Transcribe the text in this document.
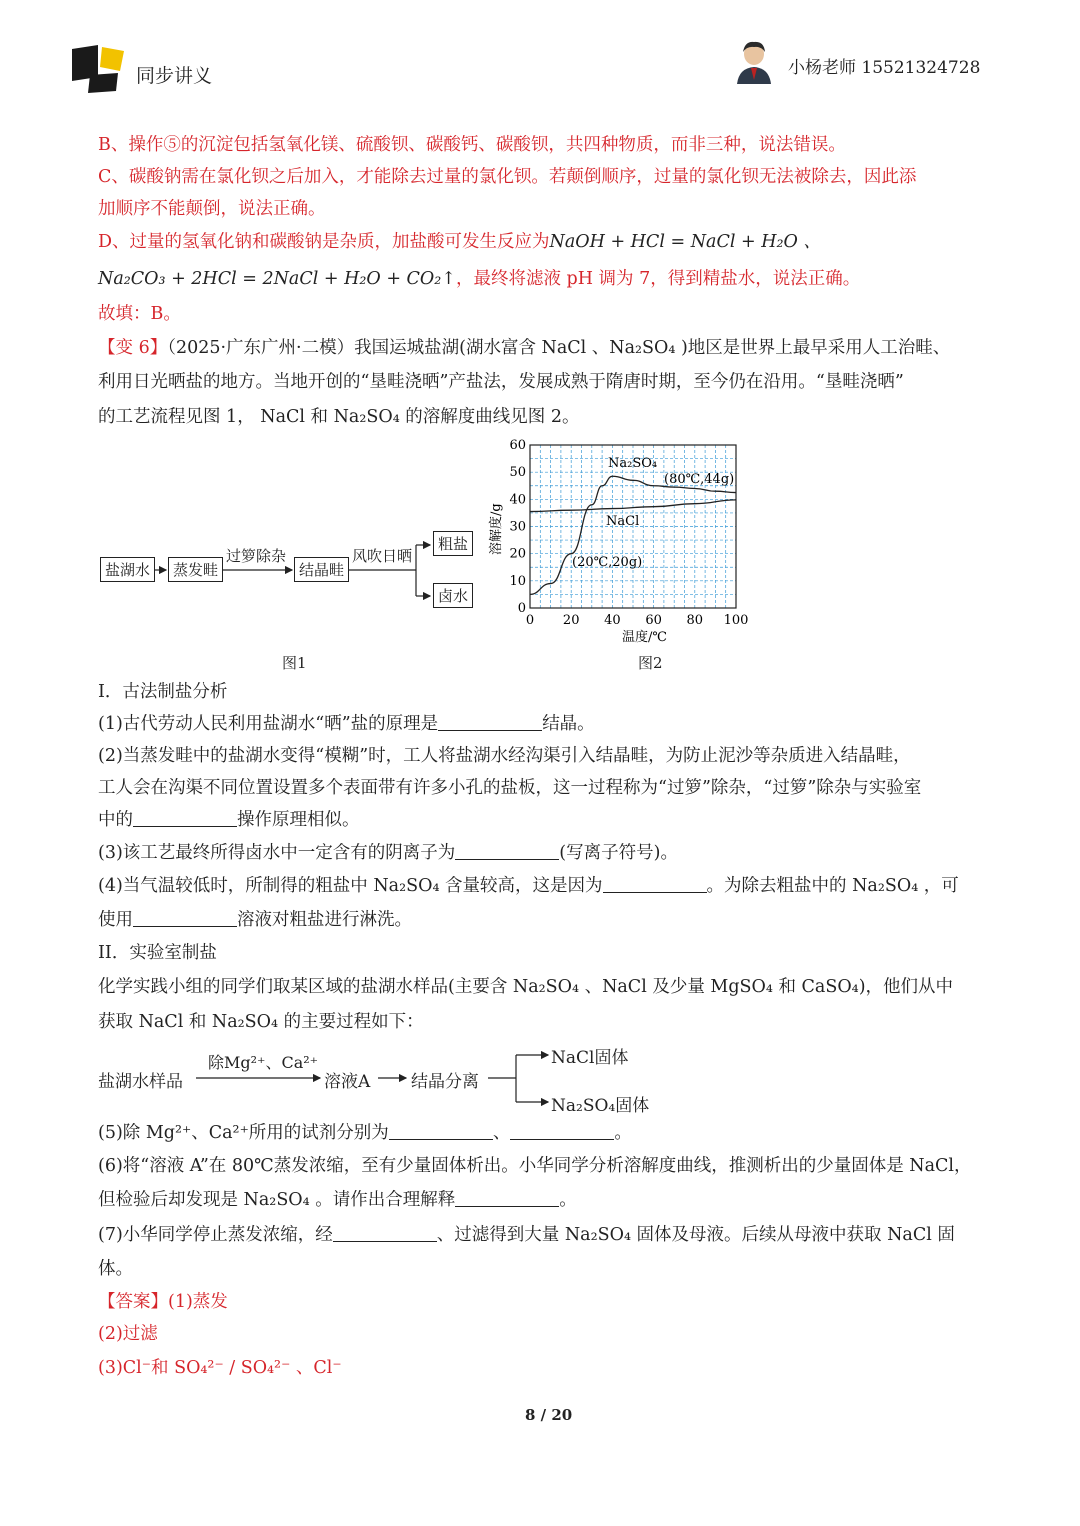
同步讲义	小杨老师 15521324728
B、操作⑤的沉淀包括氢氧化镁、硫酸钡、碳酸钙、碳酸钡，共四种物质，而非三种，说法错误。
C、碳酸钠需在氯化钡之后加入，才能除去过量的氯化钡。若颠倒顺序，过量的氯化钡无法被除去，因此添
加顺序不能颠倒，说法正确。
D、过量的氢氧化钠和碳酸钠是杂质，加盐酸可发生反应为NaOH + HCl = NaCl + H₂O 、
Na₂CO₃ + 2HCl = 2NaCl + H₂O + CO₂↑，最终将滤液 pH 调为 7，得到精盐水，说法正确。
故填：B。
【变 6】（2025·广东广州·二模）我国运城盐湖(湖水富含 NaCl 、Na₂SO₄ )地区是世界上最早采用人工治畦、
利用日光晒盐的地方。当地开创的“垦畦浇晒”产盐法，发展成熟于隋唐时期，至今仍在沿用。“垦畦浇晒”
的工艺流程见图 1， NaCl 和 Na₂SO₄ 的溶解度曲线见图 2。
盐湖水	蒸发畦
过箩除杂
结晶畦
风吹日晒
粗盐
卤水
图1
0 20 40 60 80 100
0
10
20
30
40
50
60
Na₂SO₄
NaCl
(80℃,44g)
(20℃,20g)
温度/℃
溶解度/g
图2
I．古法制盐分析
(1)古代劳动人民利用盐湖水“晒”盐的原理是	结晶。
(2)当蒸发畦中的盐湖水变得“模糊”时，工人将盐湖水经沟渠引入结晶畦，为防止泥沙等杂质进入结晶畦，
工人会在沟渠不同位置设置多个表面带有许多小孔的盐板，这一过程称为“过箩”除杂，“过箩”除杂与实验室
中的	操作原理相似。
(3)该工艺最终所得卤水中一定含有的阴离子为	(写离子符号)。
(4)当气温较低时，所制得的粗盐中 Na₂SO₄ 含量较高，这是因为	。为除去粗盐中的 Na₂SO₄ ，可
使用	溶液对粗盐进行淋洗。
II．实验室制盐
化学实践小组的同学们取某区域的盐湖水样品(主要含 Na₂SO₄ 、NaCl 及少量 MgSO₄ 和 CaSO₄)，他们从中
获取 NaCl 和 Na₂SO₄ 的主要过程如下：
盐湖水样品
除Mg²⁺、Ca²⁺
溶液A 结晶分离
NaCl固体
Na₂SO₄固体
(5)除 Mg²⁺、Ca²⁺所用的试剂分别为	、	。
(6)将“溶液 A”在 80℃蒸发浓缩，至有少量固体析出。小华同学分析溶解度曲线，推测析出的少量固体是 NaCl，
但检验后却发现是 Na₂SO₄ 。请作出合理解释	。
(7)小华同学停止蒸发浓缩，经	、过滤得到大量 Na₂SO₄ 固体及母液。后续从母液中获取 NaCl 固
体。
【答案】(1)蒸发
(2)过滤
(3)Cl⁻和 SO₄²⁻ / SO₄²⁻ 、Cl⁻
8 / 20
